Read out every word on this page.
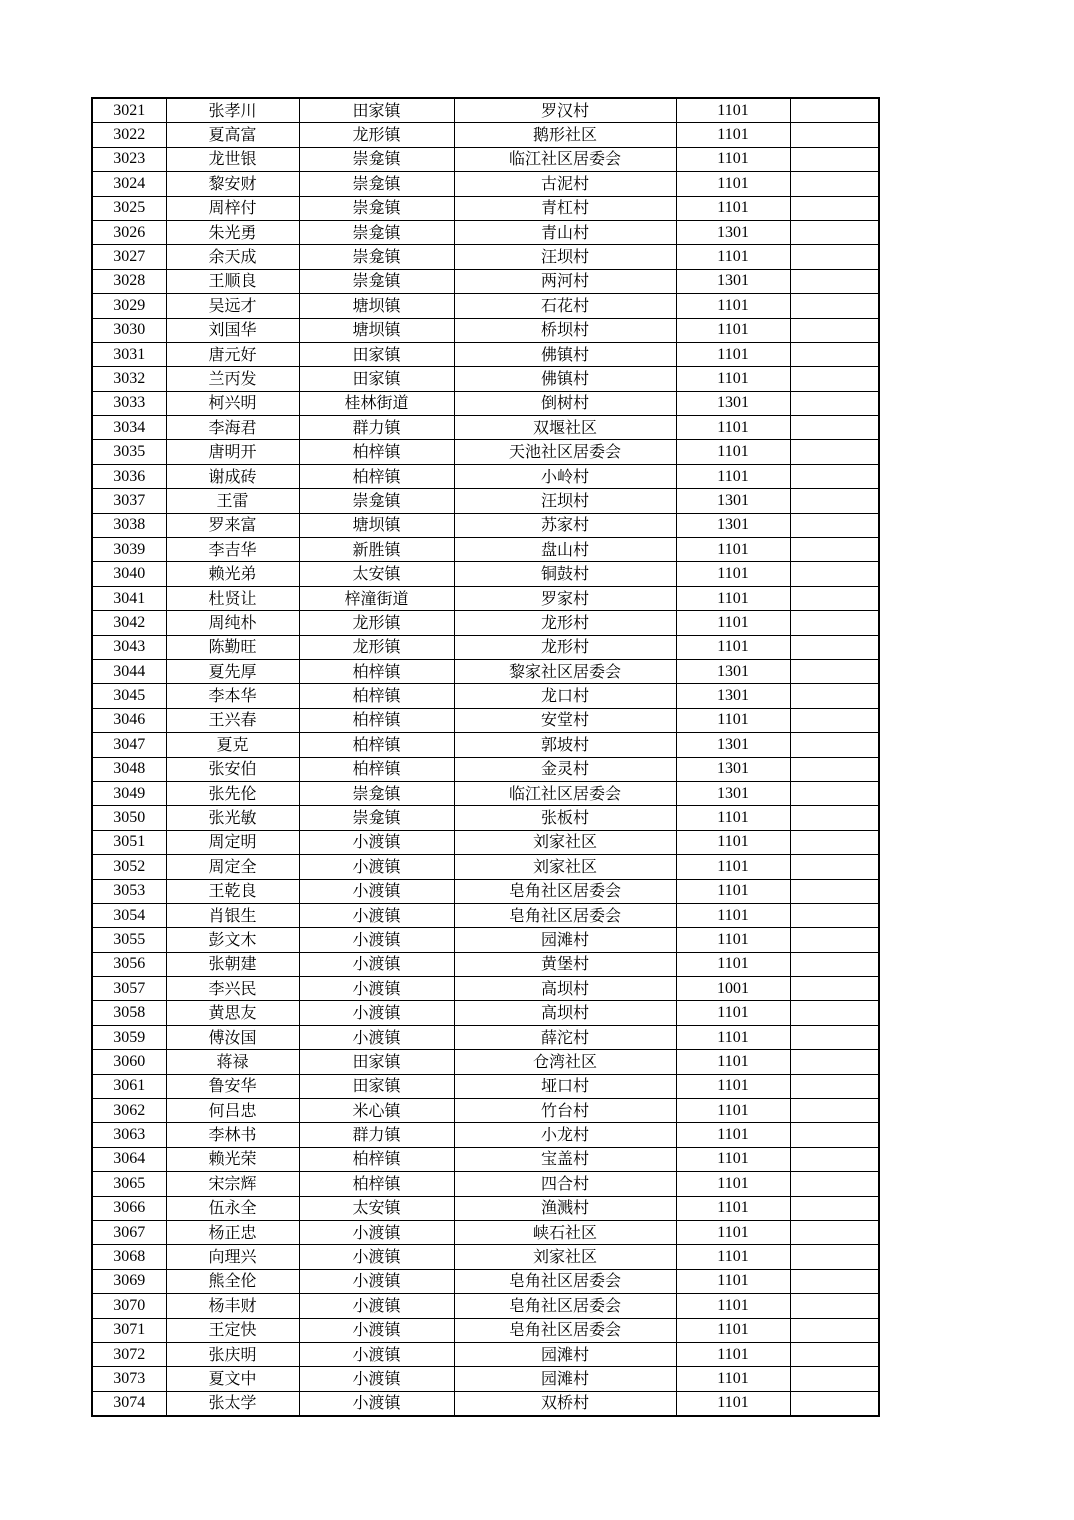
3021	张孝川	田家镇	罗汉村	1101	
3022	夏高富	龙形镇	鹅形社区	1101	
3023	龙世银	崇龛镇	临江社区居委会	1101	
3024	黎安财	崇龛镇	古泥村	1101	
3025	周梓付	崇龛镇	青杠村	1101	
3026	朱光勇	崇龛镇	青山村	1301	
3027	余天成	崇龛镇	汪坝村	1101	
3028	王顺良	崇龛镇	两河村	1301	
3029	吴远才	塘坝镇	石花村	1101	
3030	刘国华	塘坝镇	桥坝村	1101	
3031	唐元好	田家镇	佛镇村	1101	
3032	兰丙发	田家镇	佛镇村	1101	
3033	柯兴明	桂林街道	倒树村	1301	
3034	李海君	群力镇	双堰社区	1101	
3035	唐明开	柏梓镇	天池社区居委会	1101	
3036	谢成砖	柏梓镇	小岭村	1101	
3037	王雷	崇龛镇	汪坝村	1301	
3038	罗来富	塘坝镇	苏家村	1301	
3039	李吉华	新胜镇	盘山村	1101	
3040	赖光弟	太安镇	铜鼓村	1101	
3041	杜贤让	梓潼街道	罗家村	1101	
3042	周纯朴	龙形镇	龙形村	1101	
3043	陈勤旺	龙形镇	龙形村	1101	
3044	夏先厚	柏梓镇	黎家社区居委会	1301	
3045	李本华	柏梓镇	龙口村	1301	
3046	王兴春	柏梓镇	安堂村	1101	
3047	夏克	柏梓镇	郭坡村	1301	
3048	张安伯	柏梓镇	金灵村	1301	
3049	张先伦	崇龛镇	临江社区居委会	1301	
3050	张光敏	崇龛镇	张板村	1101	
3051	周定明	小渡镇	刘家社区	1101	
3052	周定全	小渡镇	刘家社区	1101	
3053	王乾良	小渡镇	皂角社区居委会	1101	
3054	肖银生	小渡镇	皂角社区居委会	1101	
3055	彭文木	小渡镇	园滩村	1101	
3056	张朝建	小渡镇	黄堡村	1101	
3057	李兴民	小渡镇	高坝村	1001	
3058	黄思友	小渡镇	高坝村	1101	
3059	傅汝国	小渡镇	薛沱村	1101	
3060	蒋禄	田家镇	仓湾社区	1101	
3061	鲁安华	田家镇	垭口村	1101	
3062	何吕忠	米心镇	竹台村	1101	
3063	李林书	群力镇	小龙村	1101	
3064	赖光荣	柏梓镇	宝盖村	1101	
3065	宋宗辉	柏梓镇	四合村	1101	
3066	伍永全	太安镇	渔溅村	1101	
3067	杨正忠	小渡镇	峡石社区	1101	
3068	向理兴	小渡镇	刘家社区	1101	
3069	熊全伦	小渡镇	皂角社区居委会	1101	
3070	杨丰财	小渡镇	皂角社区居委会	1101	
3071	王定快	小渡镇	皂角社区居委会	1101	
3072	张庆明	小渡镇	园滩村	1101	
3073	夏文中	小渡镇	园滩村	1101	
3074	张太学	小渡镇	双桥村	1101	
